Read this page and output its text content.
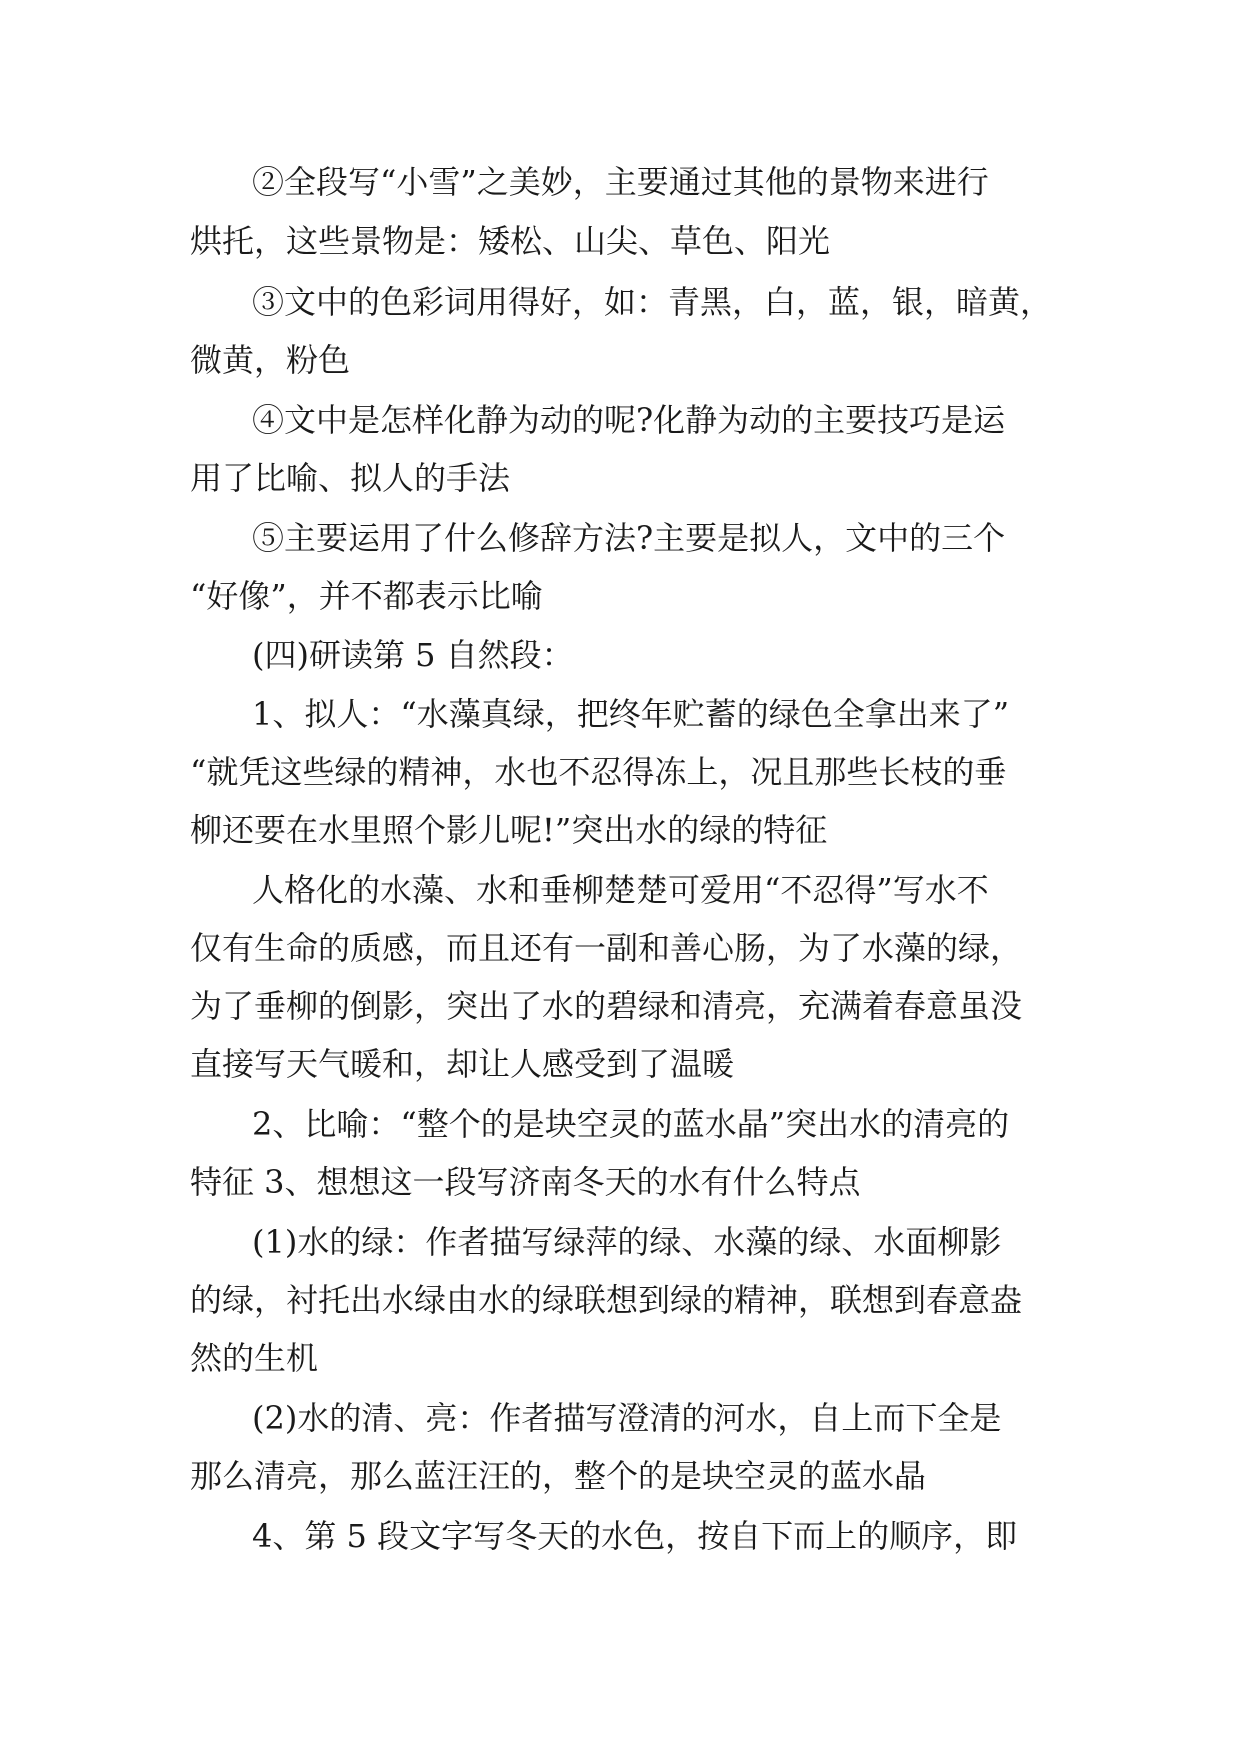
②全段写“小雪”之美妙，主要通过其他的景物来进行
烘托，这些景物是：矮松、山尖、草色、阳光
③文中的色彩词用得好，如：青黑，白，蓝，银，暗黄，
微黄，粉色
④文中是怎样化静为动的呢?化静为动的主要技巧是运
用了比喻、拟人的手法
⑤主要运用了什么修辞方法?主要是拟人，文中的三个
“好像”，并不都表示比喻
(四)研读第 5 自然段：
1、拟人：“水藻真绿，把终年贮蓄的绿色全拿出来了”
“就凭这些绿的精神，水也不忍得冻上，况且那些长枝的垂
柳还要在水里照个影儿呢!”突出水的绿的特征
人格化的水藻、水和垂柳楚楚可爱用“不忍得”写水不
仅有生命的质感，而且还有一副和善心肠，为了水藻的绿，
为了垂柳的倒影，突出了水的碧绿和清亮，充满着春意虽没
直接写天气暖和，却让人感受到了温暖
2、比喻：“整个的是块空灵的蓝水晶”突出水的清亮的
特征 3、想想这一段写济南冬天的水有什么特点
(1)水的绿：作者描写绿萍的绿、水藻的绿、水面柳影
的绿，衬托出水绿由水的绿联想到绿的精神，联想到春意盎
然的生机
(2)水的清、亮：作者描写澄清的河水，自上而下全是
那么清亮，那么蓝汪汪的，整个的是块空灵的蓝水晶
4、第 5 段文字写冬天的水色，按自下而上的顺序，即
